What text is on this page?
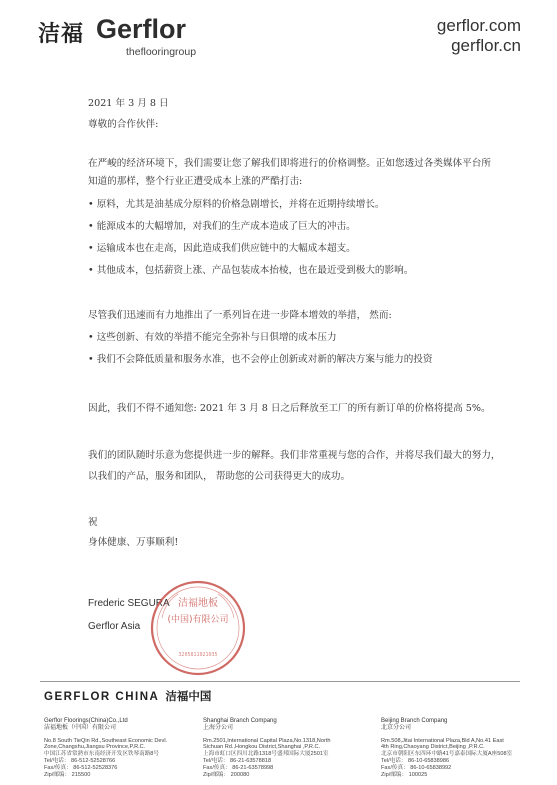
洁福 Gerflor
theflooringroup
gerflor.com
gerflor.cn
2021 年 3 月 8 日
尊敬的合作伙伴:
在严峻的经济环境下，我们需要让您了解我们即将进行的价格调整。正如您透过各类媒体平台所
知道的那样，整个行业正遭受成本上涨的严酷打击:
• 原料，尤其是油基成分原料的价格急剧增长，并将在近期持续增长。
• 能源成本的大幅增加，对我们的生产成本造成了巨大的冲击。
• 运输成本也在走高，因此造成我们供应链中的大幅成本超支。
• 其他成本，包括薪资上涨、产品包装成本抬棱，也在最近受到极大的影响。
尽管我们迅速而有力地推出了一系列旨在进一步降本增效的举措， 然而:
• 这些创新、有效的举措不能完全弥补与日俱增的成本压力
• 我们不会降低质量和服务水准，也不会停止创新或对新的解决方案与能力的投资
因此，我们不得不通知您: 2021 年 3 月 8 日之后释放至工厂的所有新订单的价格将提高 5%。
我们的团队随时乐意为您提供进一步的解释。我们非常重视与您的合作，并将尽我们最大的努力，
以我们的产品，服务和团队， 帮助您的公司获得更大的成功。
祝
身体健康、万事顺利!
Frederic SEGURA
Gerflor Asia
洁福地板
(中国)有限公司
3205811021035
GERFLOR CHINA 洁福中国
Gerflor Floorings(China)Co.,Ltd
洁福地板（中国）有限公司
No.8 South TieQin Rd.,Southeast Economic Devl.
Zone,Changshu,Jiangsu Province,P.R.C.
中国江苏省常熟市东南经济开发区铁琴南路8号
Tel/电话： 86-512-52528766
Fax/传真： 86-512-52528376
Zip/邮编： 215500
Shanghai Branch Compang
上海分公司
Rm.2501,International Capital Plaza,No.1318,North
Sichuan Rd.,Hongkou District,Shanghai ,P.R.C.
上海市虹口区四川北路1318号盛邦国际大厦2501室
Tel/电话： 86-21-63578818
Fax/传真： 86-21-63578998
Zip/邮编： 200080
Beijing Branch Compang
北京分公司
Rm.508,Jitai International Plaza,Bld A,No.41 East
4th Ring,Chaoyang District,Beijing ,P.R.C.
北京市朝阳区东四环中路41号嘉泰国际大厦A座508室
Tel/电话： 86-10-65838986
Fax/传真： 86-10-65838992
Zip/邮编： 100025
